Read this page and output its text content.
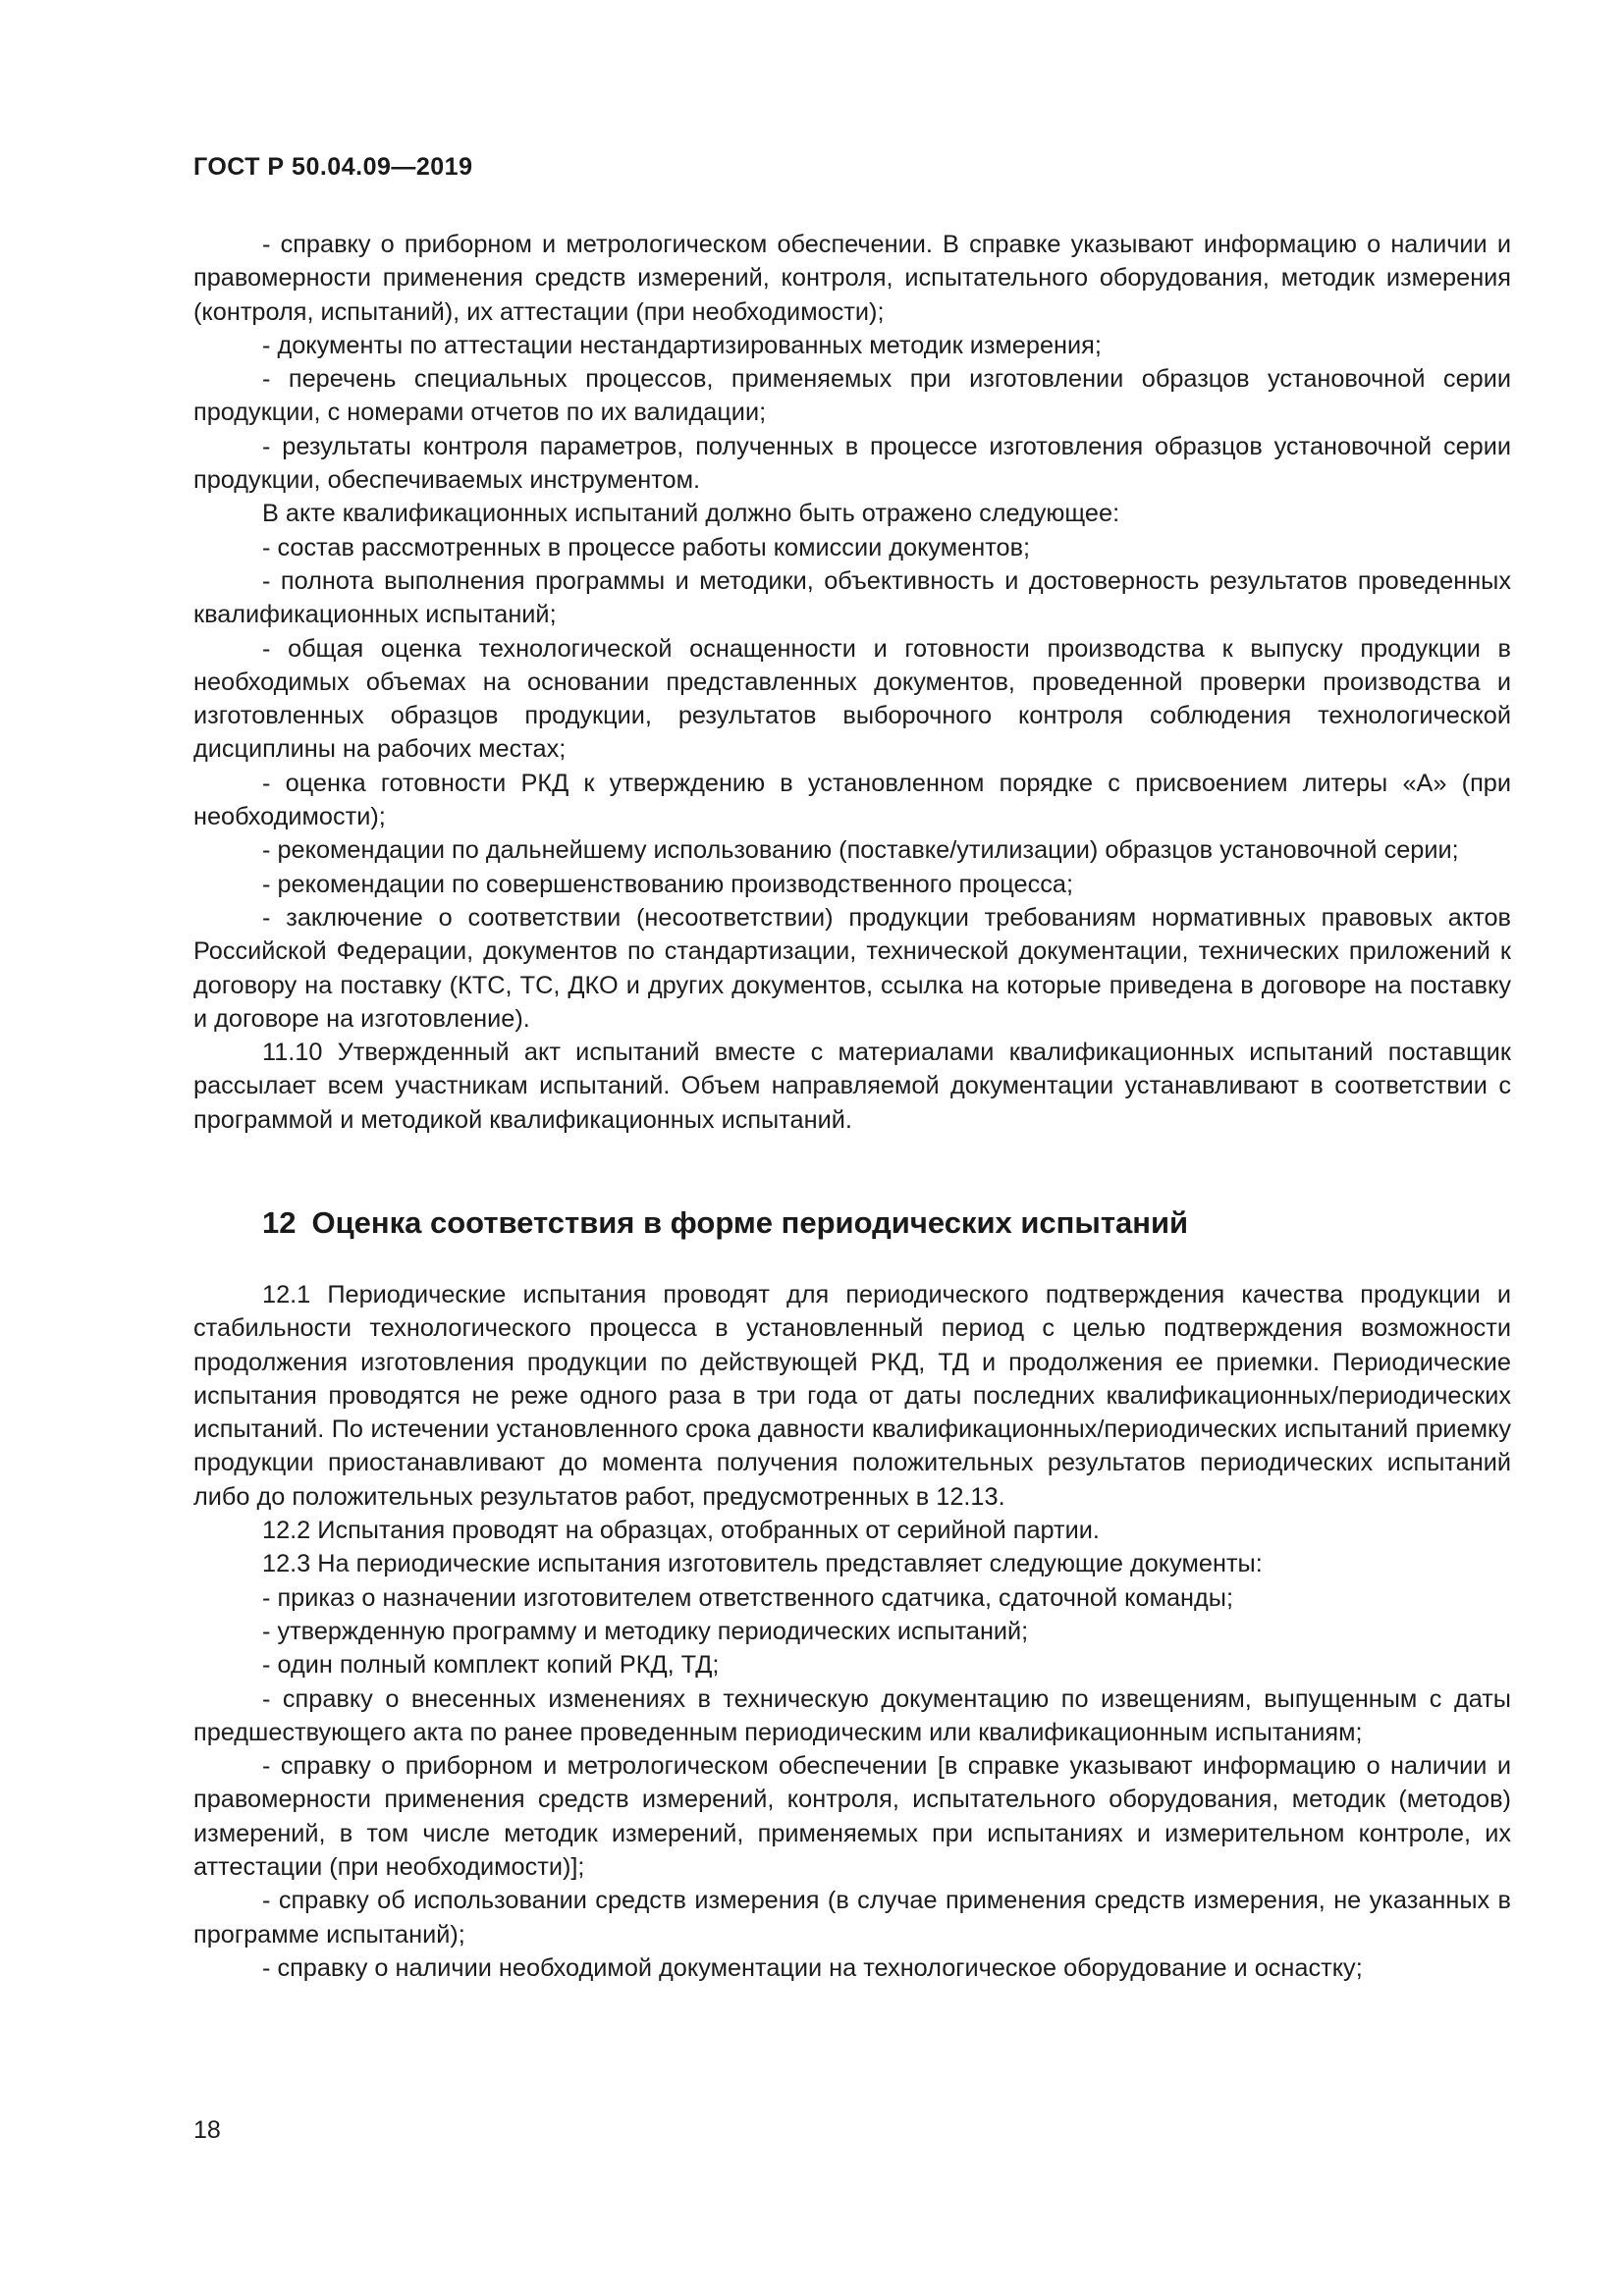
ГОСТ Р 50.04.09—2019

- справку о приборном и метрологическом обеспечении. В справке указывают информацию о наличии и правомерности применения средств измерений, контроля, испытательного оборудования, методик измерения (контроля, испытаний), их аттестации (при необходимости);

- документы по аттестации нестандартизированных методик измерения;

- перечень специальных процессов, применяемых при изготовлении образцов установочной серии продукции, с номерами отчетов по их валидации;

- результаты контроля параметров, полученных в процессе изготовления образцов установочной серии продукции, обеспечиваемых инструментом.

В акте квалификационных испытаний должно быть отражено следующее:

- состав рассмотренных в процессе работы комиссии документов;

- полнота выполнения программы и методики, объективность и достоверность результатов проведенных квалификационных испытаний;

- общая оценка технологической оснащенности и готовности производства к выпуску продукции в необходимых объемах на основании представленных документов, проведенной проверки производства и изготовленных образцов продукции, результатов выборочного контроля соблюдения технологической дисциплины на рабочих местах;

- оценка готовности РКД к утверждению в установленном порядке с присвоением литеры «А» (при необходимости);

- рекомендации по дальнейшему использованию (поставке/утилизации) образцов установочной серии;

- рекомендации по совершенствованию производственного процесса;

- заключение о соответствии (несоответствии) продукции требованиям нормативных правовых актов Российской Федерации, документов по стандартизации, технической документации, технических приложений к договору на поставку (КТС, ТС, ДКО и других документов, ссылка на которые приведена в договоре на поставку и договоре на изготовление).

11.10 Утвержденный акт испытаний вместе с материалами квалификационных испытаний поставщик рассылает всем участникам испытаний. Объем направляемой документации устанавливают в соответствии с программой и методикой квалификационных испытаний.

12 Оценка соответствия в форме периодических испытаний

12.1 Периодические испытания проводят для периодического подтверждения качества продукции и стабильности технологического процесса в установленный период с целью подтверждения возможности продолжения изготовления продукции по действующей РКД, ТД и продолжения ее приемки. Периодические испытания проводятся не реже одного раза в три года от даты последних квалификационных/периодических испытаний. По истечении установленного срока давности квалификационных/периодических испытаний приемку продукции приостанавливают до момента получения положительных результатов периодических испытаний либо до положительных результатов работ, предусмотренных в 12.13.

12.2 Испытания проводят на образцах, отобранных от серийной партии.

12.3 На периодические испытания изготовитель представляет следующие документы:

- приказ о назначении изготовителем ответственного сдатчика, сдаточной команды;

- утвержденную программу и методику периодических испытаний;

- один полный комплект копий РКД, ТД;

- справку о внесенных изменениях в техническую документацию по извещениям, выпущенным с даты предшествующего акта по ранее проведенным периодическим или квалификационным испытаниям;

- справку о приборном и метрологическом обеспечении [в справке указывают информацию о наличии и правомерности применения средств измерений, контроля, испытательного оборудования, методик (методов) измерений, в том числе методик измерений, применяемых при испытаниях и измерительном контроле, их аттестации (при необходимости)];

- справку об использовании средств измерения (в случае применения средств измерения, не указанных в программе испытаний);

- справку о наличии необходимой документации на технологическое оборудование и оснастку;

18
